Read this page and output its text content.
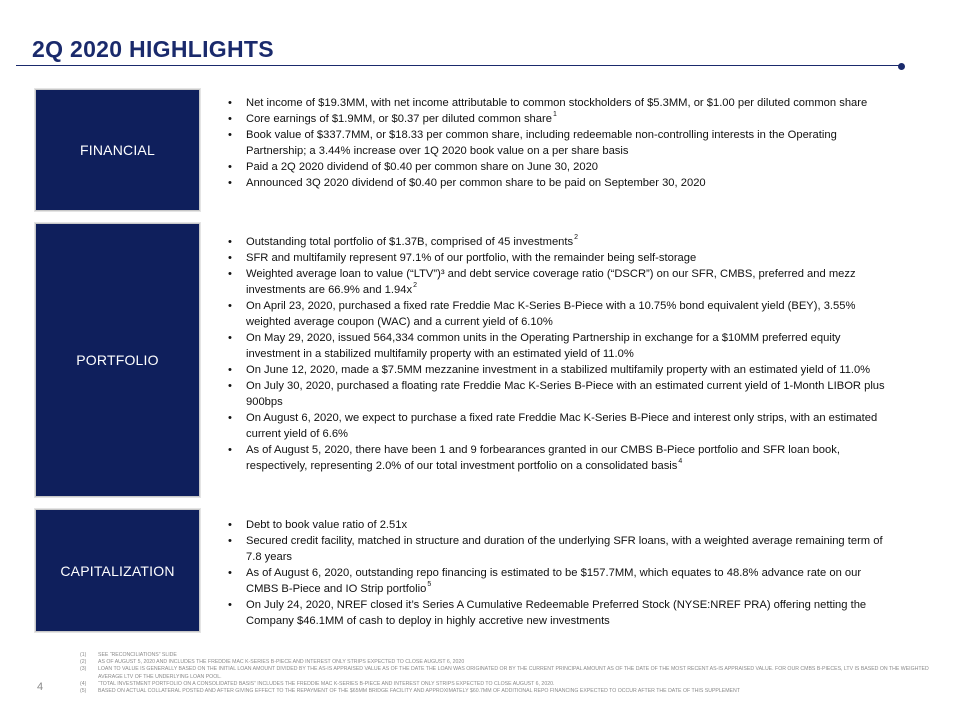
2Q 2020 HIGHLIGHTS
FINANCIAL
• Net income of $19.3MM, with net income attributable to common stockholders of $5.3MM, or $1.00 per diluted common share
• Core earnings of $1.9MM, or $0.37 per diluted common share$^1$
• Book value of $337.7MM, or $18.33 per common share, including redeemable non-controlling interests in the Operating Partnership; a 3.44% increase over 1Q 2020 book value on a per share basis
• Paid a 2Q 2020 dividend of $0.40 per common share on June 30, 2020
• Announced 3Q 2020 dividend of $0.40 per common share to be paid on September 30, 2020
PORTFOLIO
• Outstanding total portfolio of $1.37B, comprised of 45 investments$^2$
• SFR and multifamily represent 97.1% of our portfolio, with the remainder being self-storage
• Weighted average loan to value (“LTV”)³ and debt service coverage ratio (“DSCR”) on our SFR, CMBS, preferred and mezz investments are 66.9% and $1.94x^2$
• On April 23, 2020, purchased a fixed rate Freddie Mac K-Series B-Piece with a 10.75% bond equivalent yield (BEY), 3.55% weighted average coupon (WAC) and a current yield of 6.10%
• On May 29, 2020, issued 564,334 common units in the Operating Partnership in exchange for a $10MM preferred equity investment in a stabilized multifamily property with an estimated yield of 11.0%
• On June 12, 2020, made a $7.5MM mezzanine investment in a stabilized multifamily property with an estimated yield of 11.0%
• On July 30, 2020, purchased a floating rate Freddie Mac K-Series B-Piece with an estimated current yield of 1-Month LIBOR plus 900bps
• On August 6, 2020, we expect to purchase a fixed rate Freddie Mac K-Series B-Piece and interest only strips, with an estimated current yield of 6.6%
• As of August 5, 2020, there have been 1 and 9 forbearances granted in our CMBS B-Piece portfolio and SFR loan book, respectively, representing 2.0% of our total investment portfolio on a consolidated basis$^4$
CAPITALIZATION
• Debt to book value ratio of 2.51x
• Secured credit facility, matched in structure and duration of the underlying SFR loans, with a weighted average remaining term of 7.8 years
• As of August 6, 2020, outstanding repo financing is estimated to be $157.7MM, which equates to 48.8% advance rate on our CMBS B-Piece and IO Strip portfolio$^5$
• On July 24, 2020, NREF closed it’s Series A Cumulative Redeemable Preferred Stock (NYSE:NREF PRA) offering netting the Company $46.1MM of cash to deploy in highly accretive new investments
4
(1) SEE “RECONCILIATIONS” SLIDE
(2) AS OF AUGUST 5, 2020 AND INCLUDES THE FREDDIE MAC K-SERIES B-PIECE AND INTEREST ONLY STRIPS EXPECTED TO CLOSE AUGUST 6, 2020
(3) LOAN TO VALUE IS GENERALLY BASED ON THE INITIAL LOAN AMOUNT DIVIDED BY THE AS-IS APPRAISED VALUE AS OF THE DATE THE LOAN WAS ORIGINATED OR BY THE CURRENT PRINCIPAL AMOUNT AS OF THE DATE OF THE MOST RECENT AS-IS APPRAISED VALUE. FOR OUR CMBS B-PIECES, LTV IS BASED ON THE WEIGHTED AVERAGE LTV OF THE UNDERLYING LOAN POOL.
(4) “TOTAL INVESTMENT PORTFOLIO ON A CONSOLIDATED BASIS” INCLUDES THE FREDDIE MAC K-SERIES B-PIECE AND INTEREST ONLY STRIPS EXPECTED TO CLOSE AUGUST 6, 2020.
(5) BASED ON ACTUAL COLLATERAL POSTED AND AFTER GIVING EFFECT TO THE REPAYMENT OF THE $65MM BRIDGE FACILITY AND APPROXIMATELY $60.7MM OF ADDITIONAL REPO FINANCING EXPECTED TO OCCUR AFTER THE DATE OF THIS SUPPLEMENT
